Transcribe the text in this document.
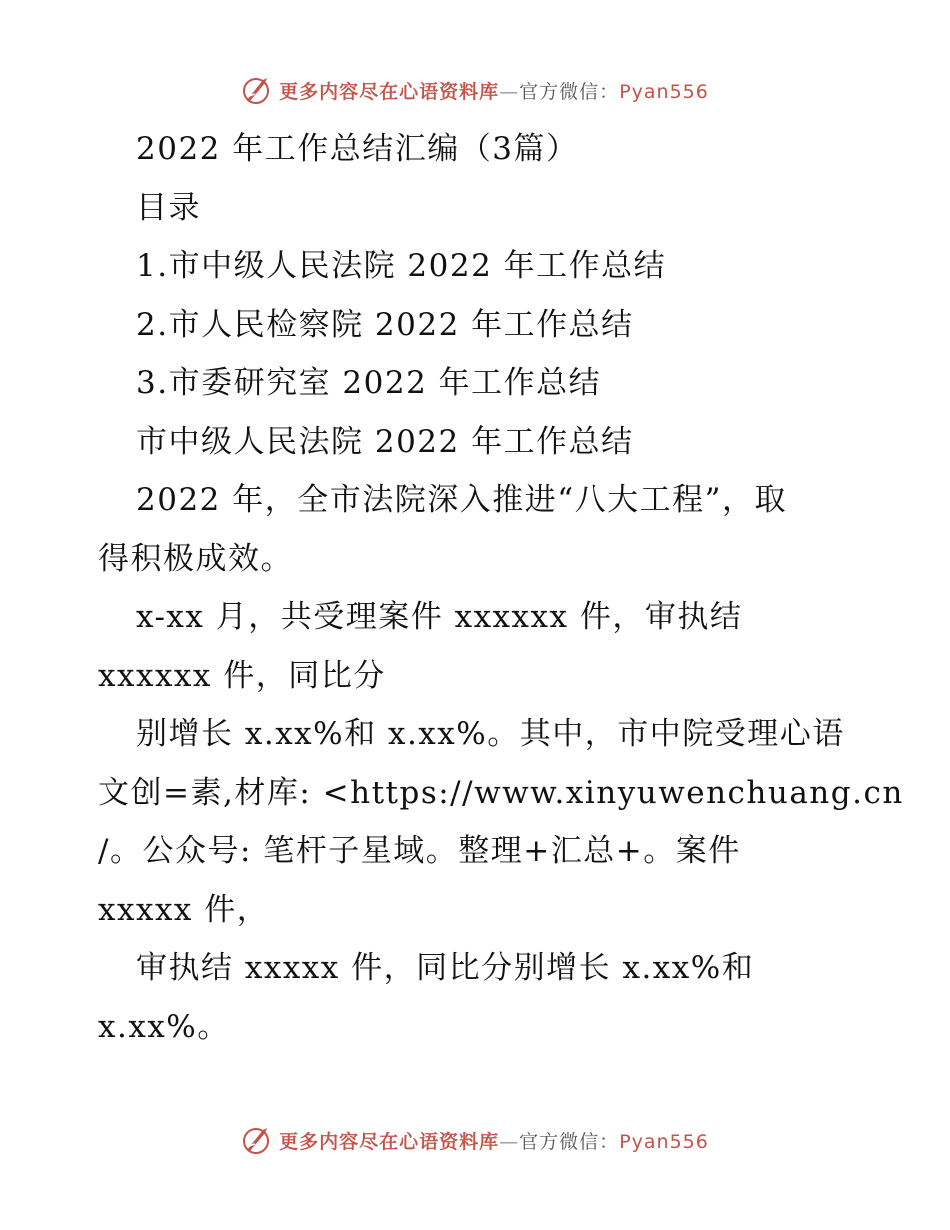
更多内容尽在心语资料库—官方微信：Pyan556
2022 年工作总结汇编（3篇）
目录
1.市中级人民法院 2022 年工作总结
2.市人民检察院 2022 年工作总结
3.市委研究室 2022 年工作总结
市中级人民法院 2022 年工作总结
2022 年，全市法院深入推进“八大工程”，取
得积极成效。
x-xx 月，共受理案件 xxxxxx 件，审执结
xxxxxx 件，同比分
别增长 x.xx%和 x.xx%。其中，市中院受理心语
文创=素,材库: <https://www.xinyuwenchuang.cn
/。公众号: 笔杆子星域。整理+汇总+。案件
xxxxx 件，
审执结 xxxxx 件，同比分别增长 x.xx%和
x.xx%。
更多内容尽在心语资料库—官方微信：Pyan556
